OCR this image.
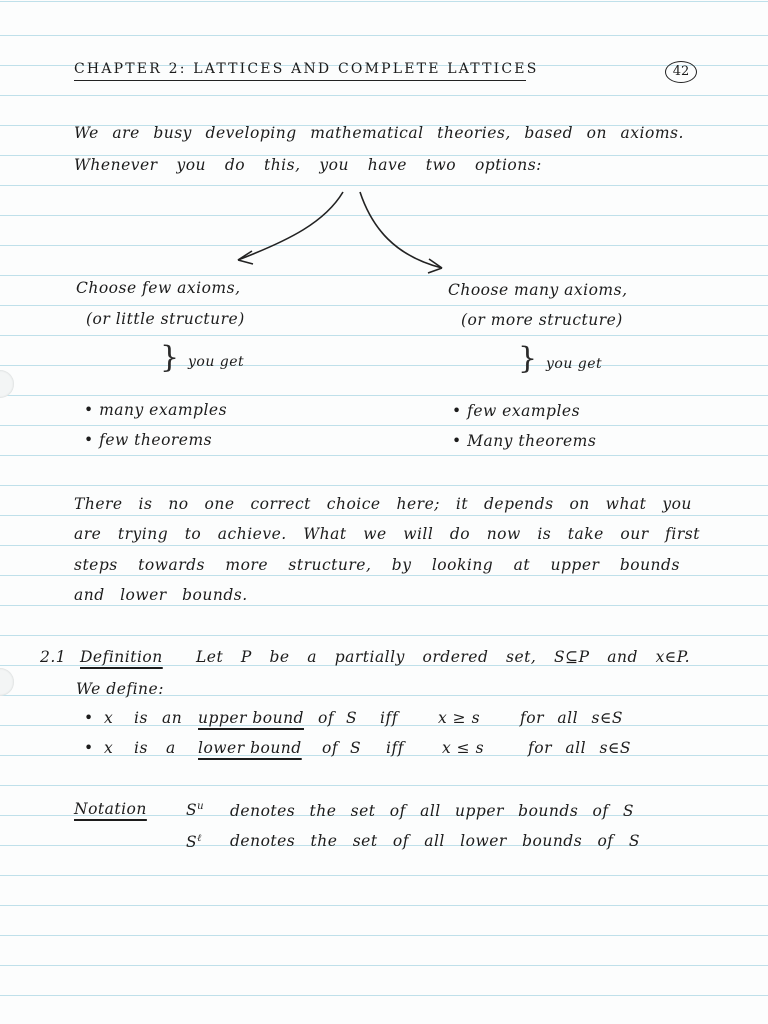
CHAPTER 2: LATTICES AND COMPLETE LATTICES	42
We are busy developing mathematical theories, based on axioms.
Whenever you do this, you have two options:
Choose few axioms,
(or little structure)
} you get
• many examples
• few theorems
Choose many axioms,
(or more structure)
} you get
• few examples
• Many theorems
There is no one correct choice here; it depends on what you
are trying to achieve. What we will do now is take our first
steps towards more structure, by looking at upper bounds
and lower bounds.
2.1 Definition Let P be a partially ordered set, S⊆P and x∈P.
We define:
• x is an upper bound of S iff	x ≥ s	for all s∈S
• x is a lower bound of S iff x ≤ s	for all s∈S
Notation	$S^u$ denotes the set of all upper bounds of S
$S^\ell$ denotes the set of all lower bounds of S
